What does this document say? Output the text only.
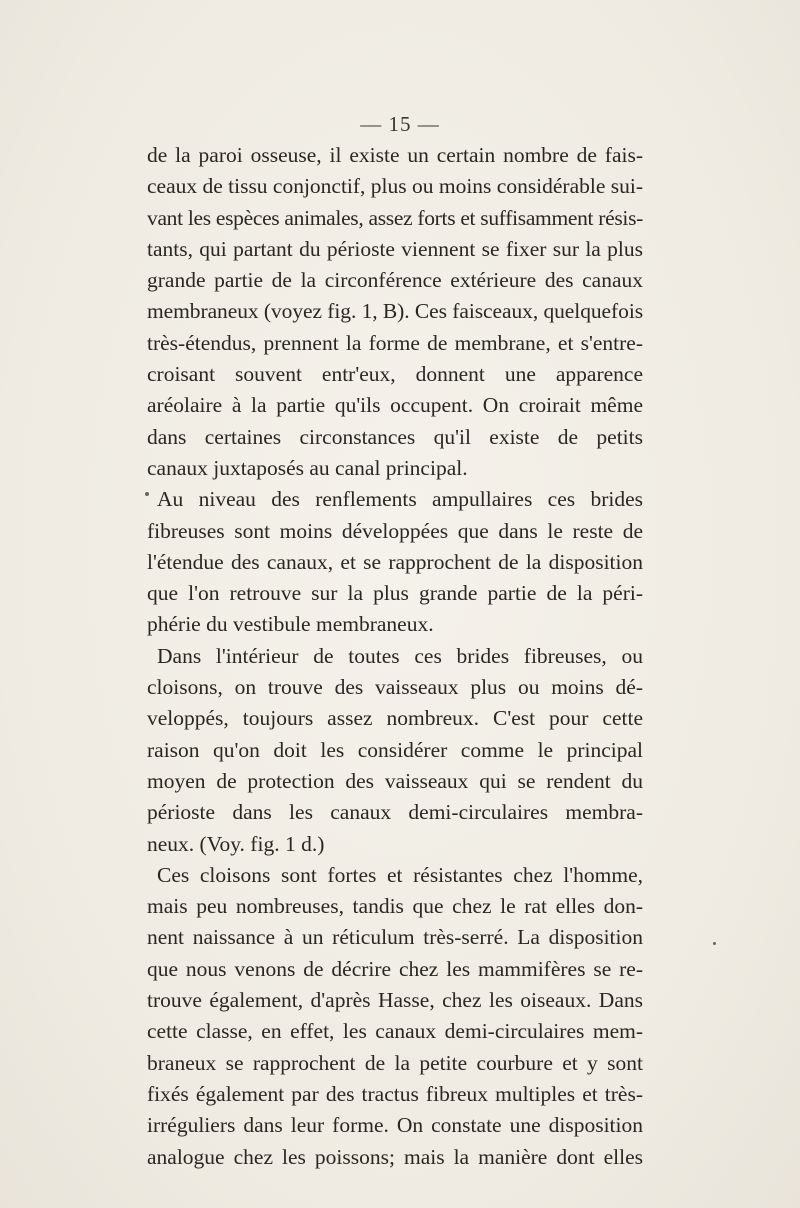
— 15 —
de la paroi osseuse, il existe un certain nombre de fais-
ceaux de tissu conjonctif, plus ou moins considérable sui-
vant les espèces animales, assez forts et suffisamment résis-
tants, qui partant du périoste viennent se fixer sur la plus
grande partie de la circonférence extérieure des canaux
membraneux (voyez fig. 1, B). Ces faisceaux, quelquefois
très-étendus, prennent la forme de membrane, et s'entre-
croisant souvent entr'eux, donnent une apparence
aréolaire à la partie qu'ils occupent. On croirait même
dans certaines circonstances qu'il existe de petits
canaux juxtaposés au canal principal.
Au niveau des renflements ampullaires ces brides
fibreuses sont moins développées que dans le reste de
l'étendue des canaux, et se rapprochent de la disposition
que l'on retrouve sur la plus grande partie de la péri-
phérie du vestibule membraneux.
Dans l'intérieur de toutes ces brides fibreuses, ou
cloisons, on trouve des vaisseaux plus ou moins dé-
veloppés, toujours assez nombreux. C'est pour cette
raison qu'on doit les considérer comme le principal
moyen de protection des vaisseaux qui se rendent du
périoste dans les canaux demi-circulaires membra-
neux. (Voy. fig. 1 d.)
Ces cloisons sont fortes et résistantes chez l'homme,
mais peu nombreuses, tandis que chez le rat elles don-
nent naissance à un réticulum très-serré. La disposition
que nous venons de décrire chez les mammifères se re-
trouve également, d'après Hasse, chez les oiseaux. Dans
cette classe, en effet, les canaux demi-circulaires mem-
braneux se rapprochent de la petite courbure et y sont
fixés également par des tractus fibreux multiples et très-
irréguliers dans leur forme. On constate une disposition
analogue chez les poissons; mais la manière dont elles
